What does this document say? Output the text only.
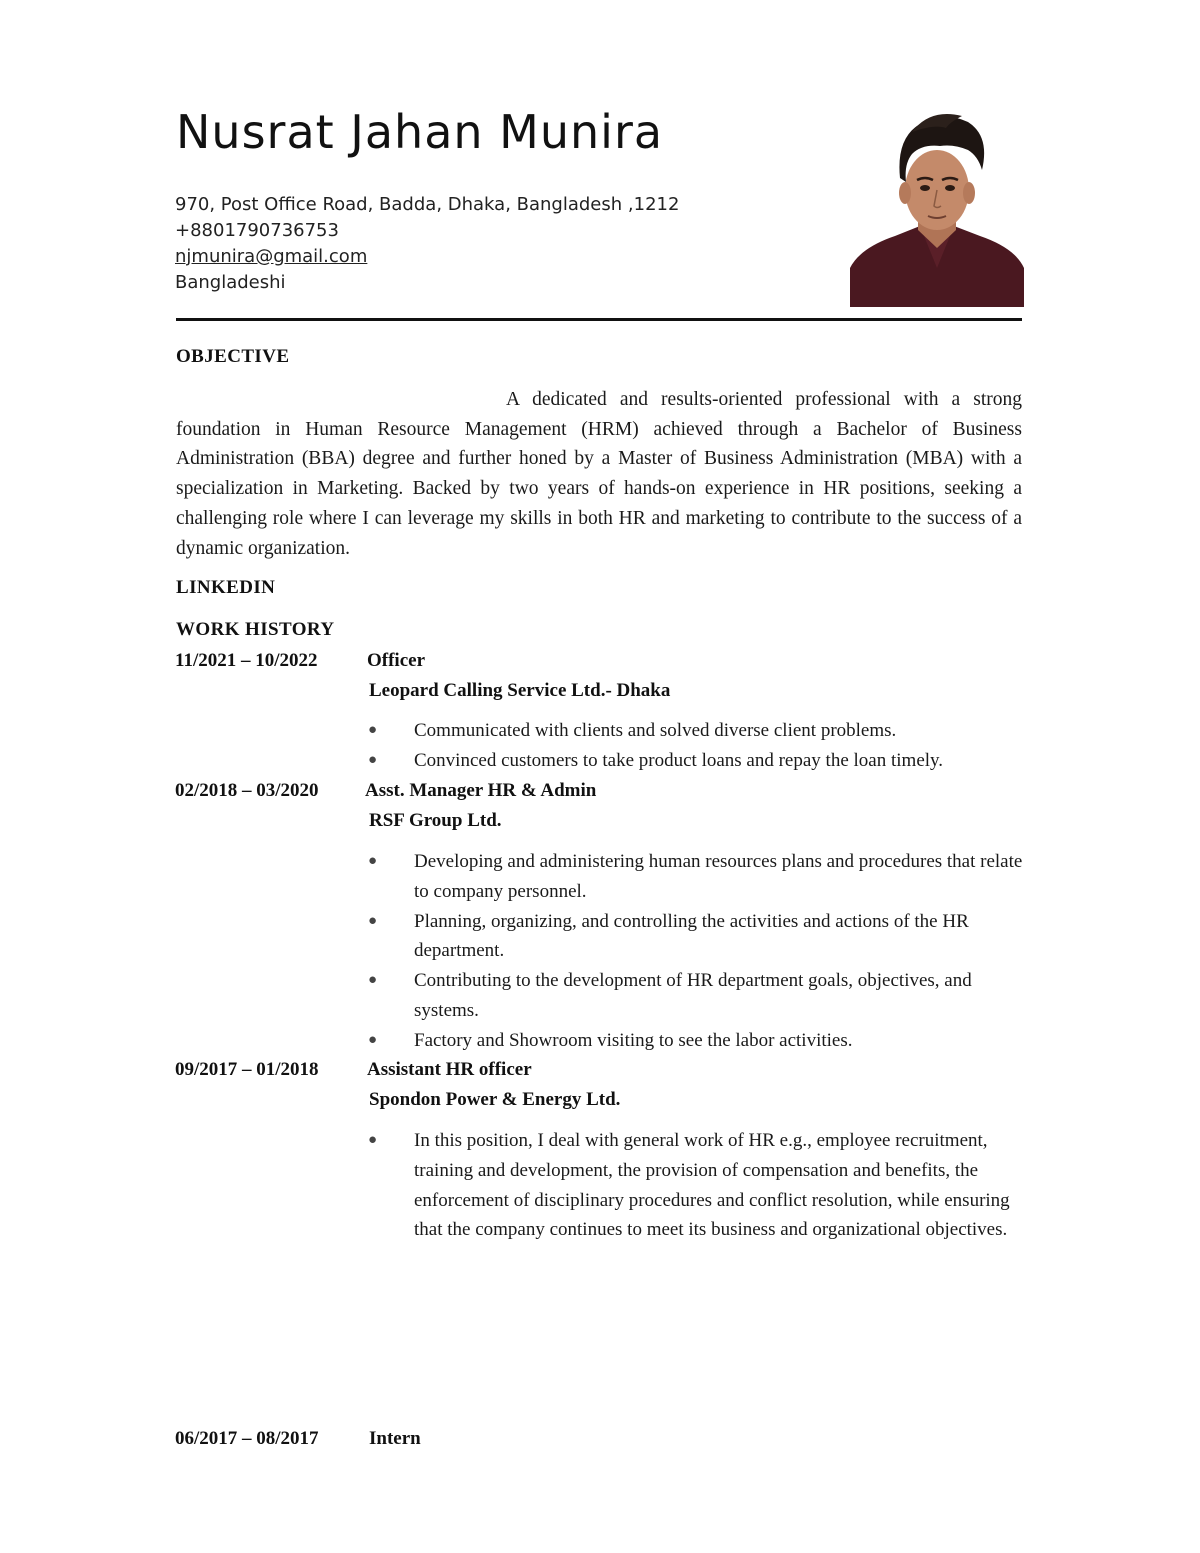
Nusrat Jahan Munira
970, Post Office Road, Badda, Dhaka, Bangladesh ,1212
+8801790736753
njmunira@gmail.com
Bangladeshi
OBJECTIVE
A dedicated and results-oriented professional with a strong foundation in Human Resource Management (HRM) achieved through a Bachelor of Business Administration (BBA) degree and further honed by a Master of Business Administration (MBA) with a specialization in Marketing. Backed by two years of hands-on experience in HR positions, seeking a challenging role where I can leverage my skills in both HR and marketing to contribute to the success of a dynamic organization.
LINKEDIN
WORK HISTORY
11/2021 – 10/2022	Officer
Leopard Calling Service Ltd.- Dhaka
● Communicated with clients and solved diverse client problems.
● Convinced customers to take product loans and repay the loan timely.
02/2018 – 03/2020 Asst. Manager HR & Admin
RSF Group Ltd.
● Developing and administering human resources plans and procedures that relate to company personnel.
● Planning, organizing, and controlling the activities and actions of the HR department.
● Contributing to the development of HR department goals, objectives, and systems.
● Factory and Showroom visiting to see the labor activities.
09/2017 – 01/2018	Assistant HR officer
Spondon Power & Energy Ltd.
● In this position, I deal with general work of HR e.g., employee recruitment, training and development, the provision of compensation and benefits, the enforcement of disciplinary procedures and conflict resolution, while ensuring that the company continues to meet its business and organizational objectives.
06/2017 – 08/2017	Intern
